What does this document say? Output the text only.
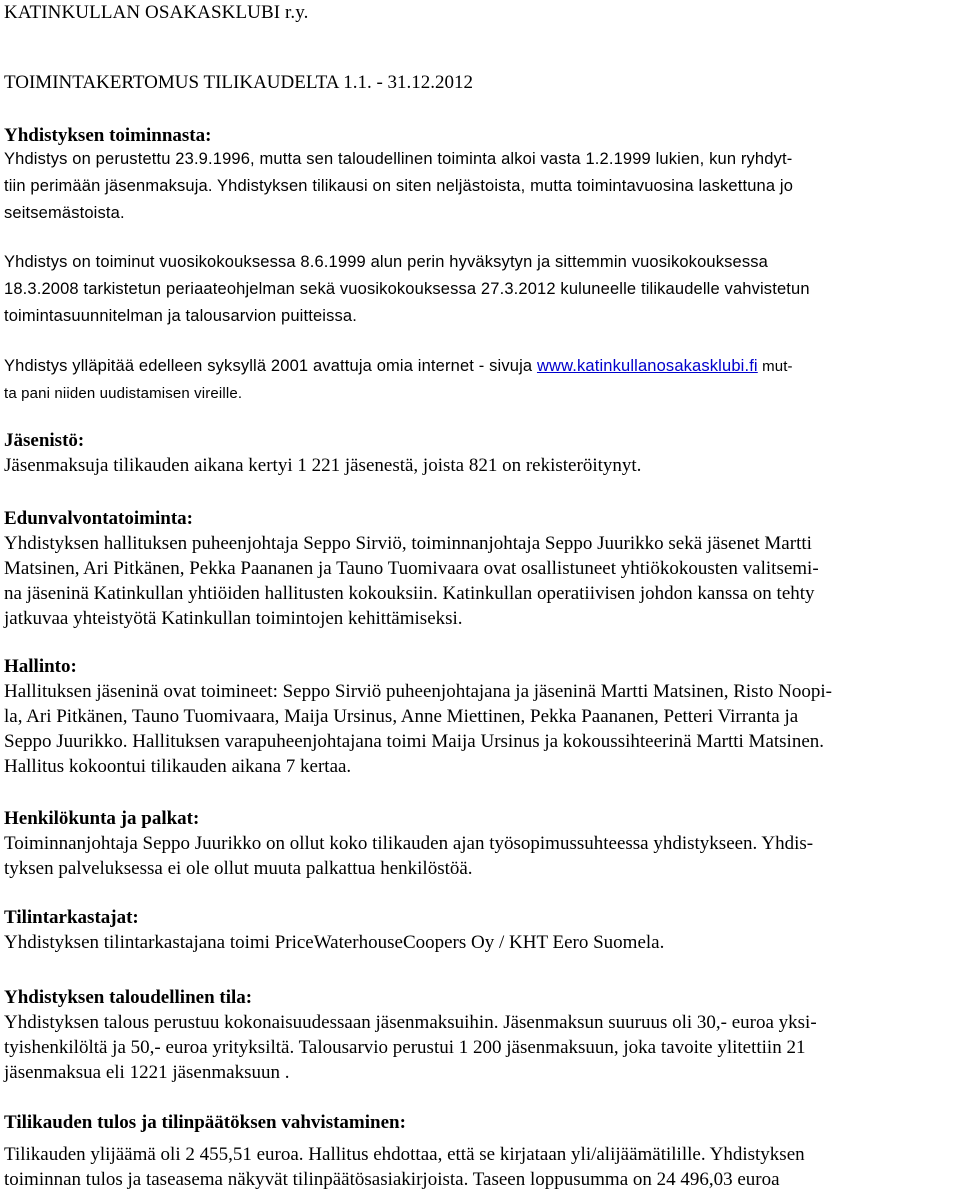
KATINKULLAN OSAKASKLUBI r.y.
TOIMINTAKERTOMUS TILIKAUDELTA 1.1. - 31.12.2012

Yhdistyksen toiminnasta:

Yhdistys on perustettu 23.9.1996, mutta sen taloudellinen toiminta alkoi vasta 1.2.1999 lukien, kun ryhdyt-

tiin perimään jäsenmaksuja. Yhdistyksen tilikausi on siten neljästoista, mutta toimintavuosina laskettuna jo

seitsemästoista.

Yhdistys on toiminut vuosikokouksessa 8.6.1999 alun perin hyväksytyn ja sittemmin vuosikokouksessa

18.3.2008 tarkistetun periaateohjelman sekä vuosikokouksessa 27.3.2012 kuluneelle tilikaudelle vahvistetun

toimintasuunnitelman ja talousarvion puitteissa.

Yhdistys ylläpitää edelleen syksyllä 2001 avattuja omia internet - sivuja www.katinkullanosakasklubi.fi mut-

ta pani niiden uudistamisen vireille.

Jäsenistö:

Jäsenmaksuja tilikauden aikana kertyi 1 221 jäsenestä, joista 821 on rekisteröitynyt.

Edunvalvontatoiminta:

Yhdistyksen hallituksen puheenjohtaja Seppo Sirviö, toiminnanjohtaja Seppo Juurikko sekä jäsenet Martti

Matsinen, Ari Pitkänen, Pekka Paananen ja Tauno Tuomivaara ovat osallistuneet yhtiökokousten valitsemi-

na jäseninä Katinkullan yhtiöiden hallitusten kokouksiin. Katinkullan operatiivisen johdon kanssa on tehty

jatkuvaa yhteistyötä Katinkullan toimintojen kehittämiseksi.

Hallinto:

Hallituksen jäseninä ovat toimineet: Seppo Sirviö puheenjohtajana ja jäseninä Martti Matsinen, Risto Noopi-

la, Ari Pitkänen, Tauno Tuomivaara, Maija Ursinus, Anne Miettinen, Pekka Paananen, Petteri Virranta ja

Seppo Juurikko. Hallituksen varapuheenjohtajana toimi Maija Ursinus ja kokoussihteerinä Martti Matsinen.

Hallitus kokoontui tilikauden aikana 7 kertaa.

Henkilökunta ja palkat:

Toiminnanjohtaja Seppo Juurikko on ollut koko tilikauden ajan työsopimussuhteessa yhdistykseen. Yhdis-

tyksen palveluksessa ei ole ollut muuta palkattua henkilöstöä.

Tilintarkastajat:

Yhdistyksen tilintarkastajana toimi PriceWaterhouseCoopers Oy / KHT Eero Suomela.

Yhdistyksen taloudellinen tila:

Yhdistyksen talous perustuu kokonaisuudessaan jäsenmaksuihin. Jäsenmaksun suuruus oli 30,- euroa yksi-

tyishenkilöltä ja 50,- euroa yrityksiltä. Talousarvio perustui 1 200 jäsenmaksuun, joka tavoite ylitettiin 21

jäsenmaksua eli 1221 jäsenmaksuun .

Tilikauden tulos ja tilinpäätöksen vahvistaminen:

Tilikauden ylijäämä oli 2 455,51 euroa. Hallitus ehdottaa, että se kirjataan yli/alijäämätilille. Yhdistyksen

toiminnan tulos ja taseasema näkyvät tilinpäätösasiakirjoista. Taseen loppusumma on 24 496,03 euroa
